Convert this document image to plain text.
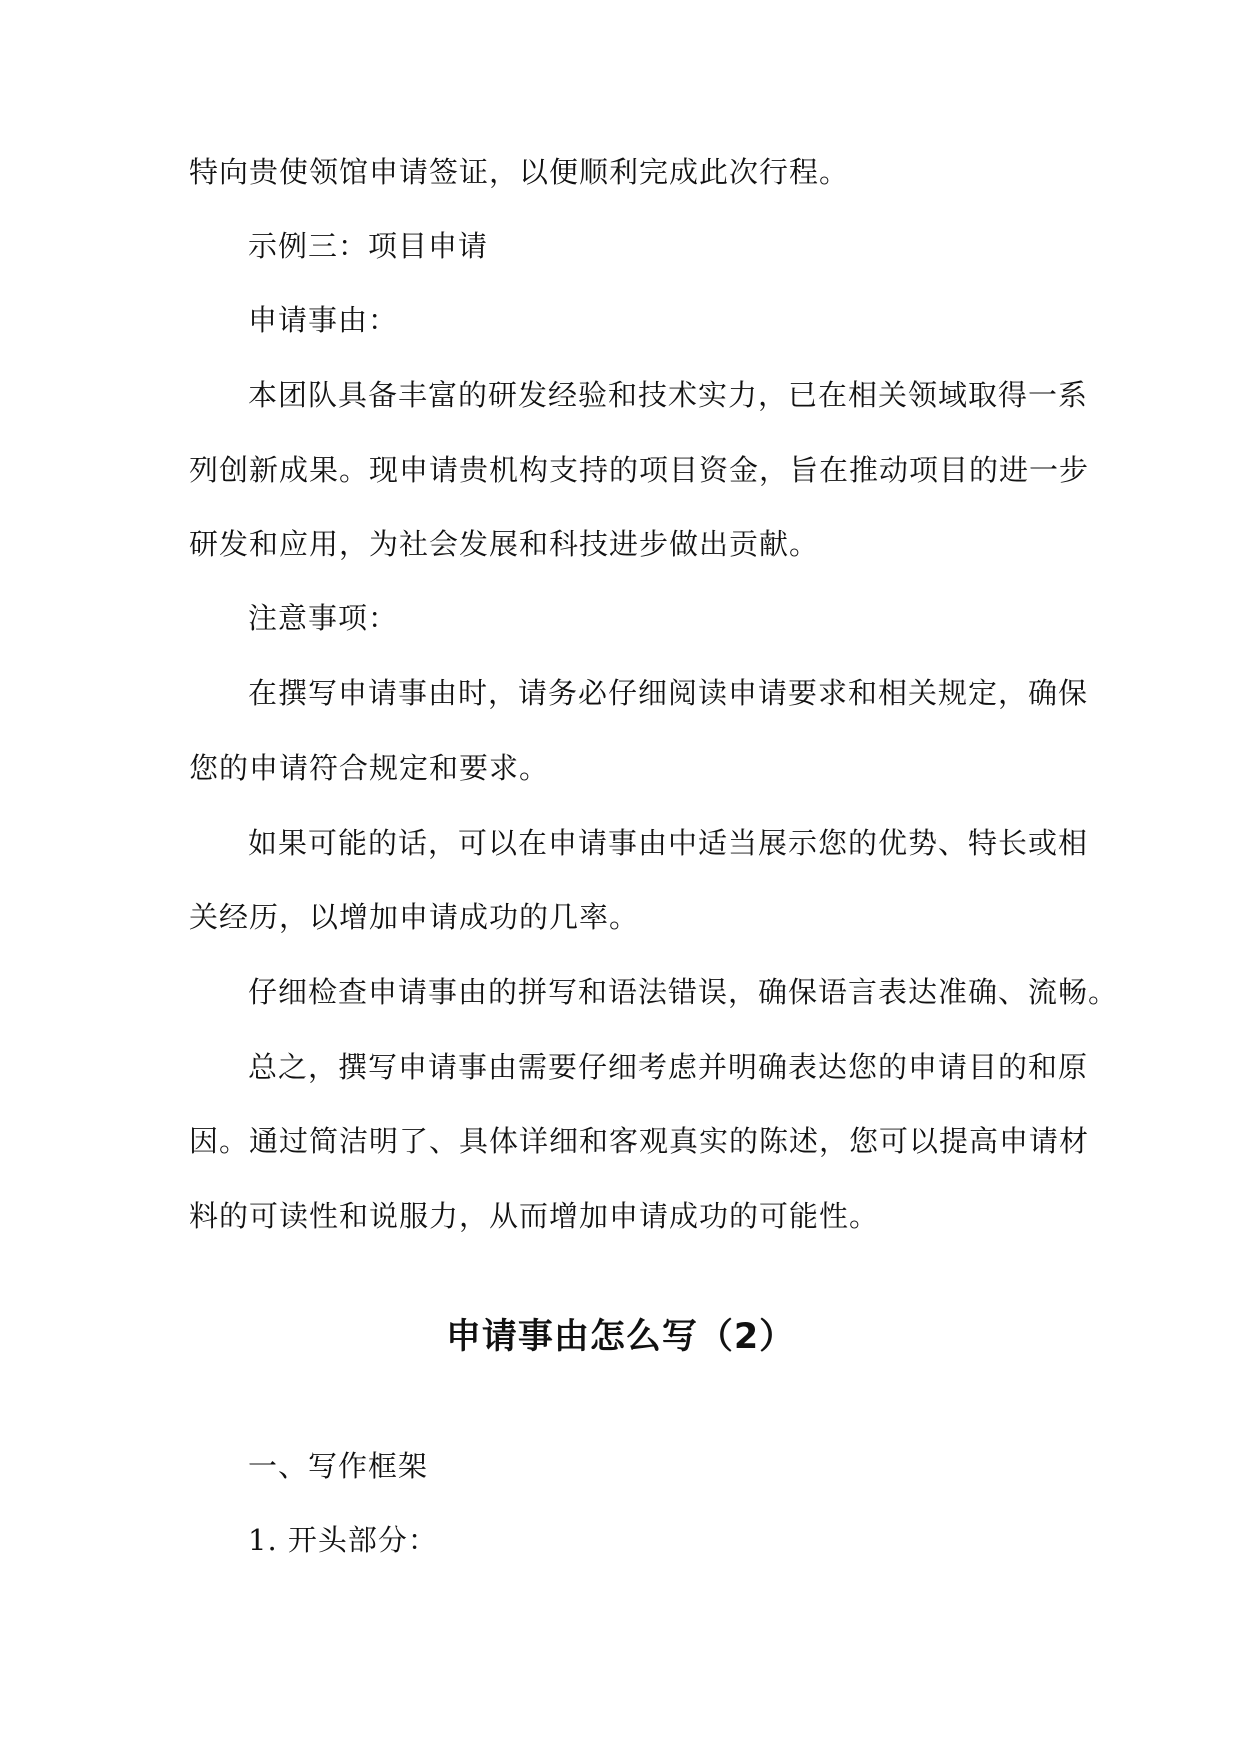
特向贵使领馆申请签证，以便顺利完成此次行程。
示例三：项目申请
申请事由：
本团队具备丰富的研发经验和技术实力，已在相关领域取得一系
列创新成果。现申请贵机构支持的项目资金，旨在推动项目的进一步
研发和应用，为社会发展和科技进步做出贡献。
注意事项：
在撰写申请事由时，请务必仔细阅读申请要求和相关规定，确保
您的申请符合规定和要求。
如果可能的话，可以在申请事由中适当展示您的优势、特长或相
关经历，以增加申请成功的几率。
仔细检查申请事由的拼写和语法错误，确保语言表达准确、流畅。
总之，撰写申请事由需要仔细考虑并明确表达您的申请目的和原
因。通过简洁明了、具体详细和客观真实的陈述，您可以提高申请材
料的可读性和说服力，从而增加申请成功的可能性。
申请事由怎么写（2）
一、写作框架
1. 开头部分：
